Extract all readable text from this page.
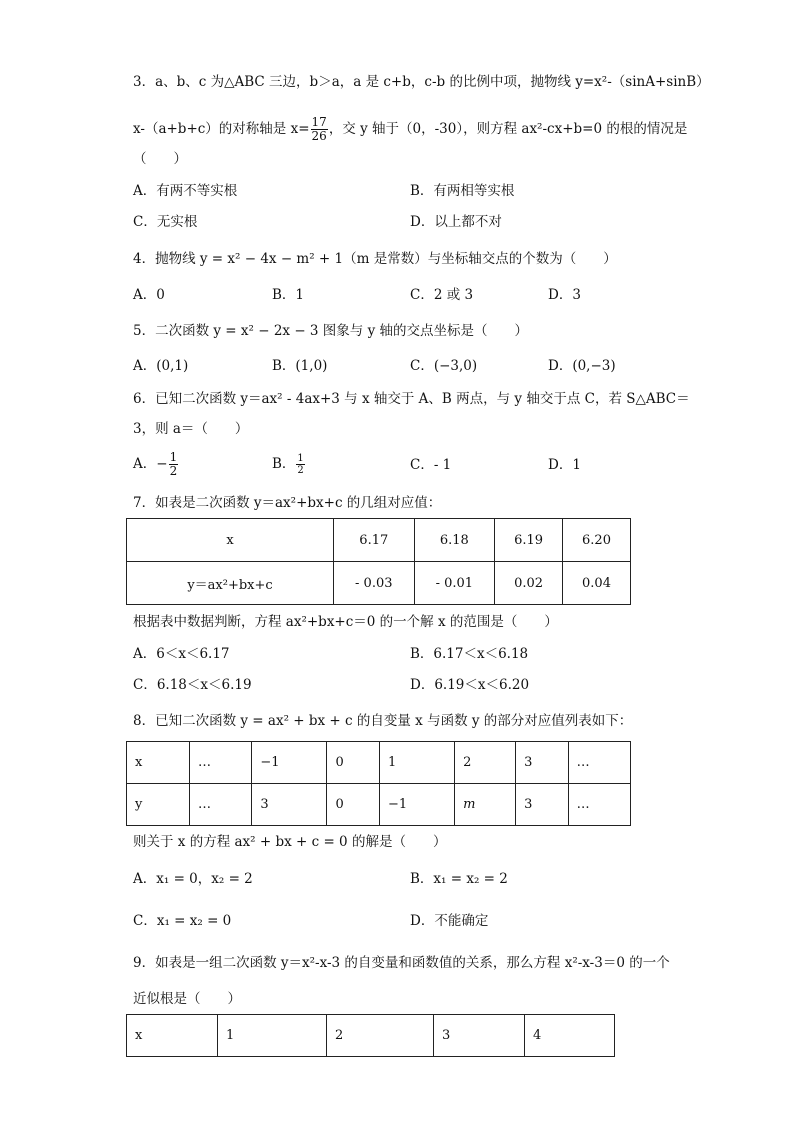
3．a、b、c 为△ABC 三边，b＞a，a 是 c+b，c-b 的比例中项，抛物线 y=x²-（sinA+sinB）
x-（a+b+c）的对称轴是 $x= \frac{17}{26}$ ，交 y 轴于（0，-30），则方程 ax²-cx+b=0 的根的情况是
（　　）
A．有两不等实根	B．有两相等实根
C．无实根	D．以上都不对
4．抛物线 y = x² − 4x − m² + 1（m 是常数）与坐标轴交点的个数为（　　）
A．0	B．1	C．2 或 3	D．3
5．二次函数 y = x² − 2x − 3 图象与 y 轴的交点坐标是（　　）
A．(0,1)	B．(1,0)	C．(−3,0)	D．(0,−3)
6．已知二次函数 y＝ax² - 4ax+3 与 x 轴交于 A、B 两点，与 y 轴交于点 C，若 S△ABC＝
3，则 a＝（　　）
A．− $\frac{1}{2}$	B． $\frac{1}{2}$	C．- 1	D．1
7．如表是二次函数 y＝ax²+bx+c 的几组对应值：
x	6.17	6.18	6.19	6.20
y＝ax²+bx+c	- 0.03	- 0.01	0.02	0.04
根据表中数据判断，方程 ax²+bx+c＝0 的一个解 x 的范围是（　　）
A．6＜x＜6.17	B．6.17＜x＜6.18
C．6.18＜x＜6.19	D．6.19＜x＜6.20
8．已知二次函数 y = ax² + bx + c 的自变量 x 与函数 y 的部分对应值列表如下：
x	…	−1	0	1	2	3	…
y	…	3	0	−1	m	3	…
则关于 x 的方程 ax² + bx + c = 0 的解是（　　）
A．x₁ = 0，x₂ = 2	B．x₁ = x₂ = 2
C．x₁ = x₂ = 0	D．不能确定
9．如表是一组二次函数 y＝x²-x-3 的自变量和函数值的关系，那么方程 x²-x-3＝0 的一个
近似根是（　　）
x	1	2	3	4
